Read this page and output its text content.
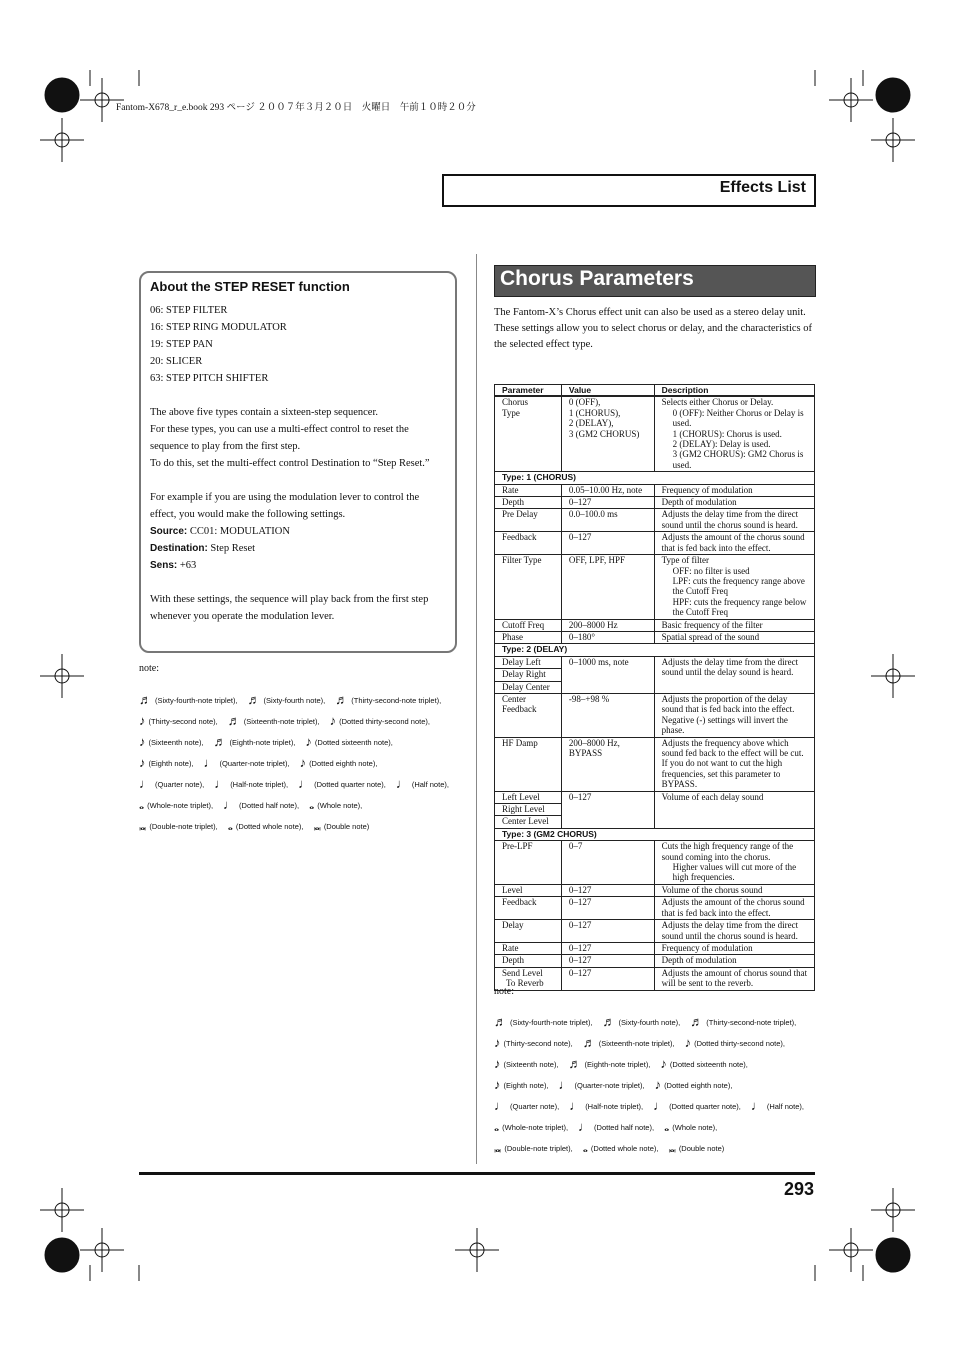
Fantom-X678_r_e.book 293 ページ ２００７年３月２０日　火曜日　午前１０時２０分
Effects List
About the STEP RESET function

06: STEP FILTER

16: STEP RING MODULATOR

19: STEP PAN

20: SLICER

63: STEP PITCH SHIFTER

The above five types contain a sixteen-step sequencer.

For these types, you can use a multi-effect control to reset the sequence to play from the first step.

To do this, set the multi-effect control Destination to “Step Reset.”

For example if you are using the modulation lever to control the effect, you would make the following settings.

Source: CC01: MODULATION

Destination: Step Reset

Sens: +63

With these settings, the sequence will play back from the first step whenever you operate the modulation lever.

note:
♬ (Sixty-fourth-note triplet), ♬ (Sixty-fourth note), ♬ (Thirty-second-note triplet),
♪ (Thirty-second note), ♬ (Sixteenth-note triplet), ♪ (Dotted thirty-second note),
♪ (Sixteenth note), ♬ (Eighth-note triplet), ♪ (Dotted sixteenth note),
♪ (Eighth note), ♩ (Quarter-note triplet), ♪ (Dotted eighth note),
♩ (Quarter note), ♩ (Half-note triplet), ♩ (Dotted quarter note), ♩ (Half note),
𝅝 (Whole-note triplet), ♩ (Dotted half note), 𝅝 (Whole note),
𝅜 (Double-note triplet), 𝅝 (Dotted whole note), 𝅜 (Double note)
Chorus Parameters

The Fantom-X’s Chorus effect unit can also be used as a stereo delay unit.

These settings allow you to select chorus or delay, and the characteristics of the selected effect type.

Parameter	Value	Description

Chorus
Type	0 (OFF),
1 (CHORUS),
2 (DELAY),
3 (GM2 CHORUS)	Selects either Chorus or Delay.
0 (OFF): Neither Chorus or Delay is used.
1 (CHORUS): Chorus is used.
2 (DELAY): Delay is used.
3 (GM2 CHORUS): GM2 Chorus is used.

Type: 1 (CHORUS)		
Rate	0.05–10.00 Hz, note	Frequency of modulation
Depth	0–127	Depth of modulation
Pre Delay	0.0–100.0 ms	Adjusts the delay time from the direct sound until the chorus sound is heard.
Feedback	0–127	Adjusts the amount of the chorus sound that is fed back into the effect.
Filter Type	OFF, LPF, HPF	Type of filter
OFF: no filter is used
LPF: cuts the frequency range above the Cutoff Freq
HPF: cuts the frequency range below the Cutoff Freq

Cutoff Freq	200–8000 Hz	Basic frequency of the filter
Phase	0–180°	Spatial spread of the sound
Type: 2 (DELAY)		
Delay Left	0–1000 ms, note	Adjusts the delay time from the direct sound until the delay sound is heard.
Delay Right		
Delay Center		

Center
Feedback	-98–+98 %	Adjusts the proportion of the delay sound that is fed back into the effect. Negative (-) settings will invert the phase.
HF Damp	200–8000 Hz,
BYPASS	Adjusts the frequency above which sound fed back to the effect will be cut. If you do not want to cut the high frequencies, set this parameter to BYPASS.
Left Level	0–127	Volume of each delay sound
Right Level		
Center Level		
Type: 3 (GM2 CHORUS)		
Pre-LPF	0–7	Cuts the high frequency range of the sound coming into the chorus.
Higher values will cut more of the high frequencies.

Level	0–127	Volume of the chorus sound
Feedback	0–127	Adjusts the amount of the chorus sound that is fed back into the effect.
Delay	0–127	Adjusts the delay time from the direct sound until the chorus sound is heard.
Rate	0–127	Frequency of modulation
Depth	0–127	Depth of modulation

Send Level
To Reverb	0–127	Adjusts the amount of chorus sound that will be sent to the reverb.
note:
♬ (Sixty-fourth-note triplet), ♬ (Sixty-fourth note), ♬ (Thirty-second-note triplet),
♪ (Thirty-second note), ♬ (Sixteenth-note triplet), ♪ (Dotted thirty-second note),
♪ (Sixteenth note), ♬ (Eighth-note triplet), ♪ (Dotted sixteenth note),
♪ (Eighth note), ♩ (Quarter-note triplet), ♪ (Dotted eighth note),
♩ (Quarter note), ♩ (Half-note triplet), ♩ (Dotted quarter note), ♩ (Half note),
𝅝 (Whole-note triplet), ♩ (Dotted half note), 𝅝 (Whole note),
𝅜 (Double-note triplet), 𝅝 (Dotted whole note), 𝅜 (Double note)
293
